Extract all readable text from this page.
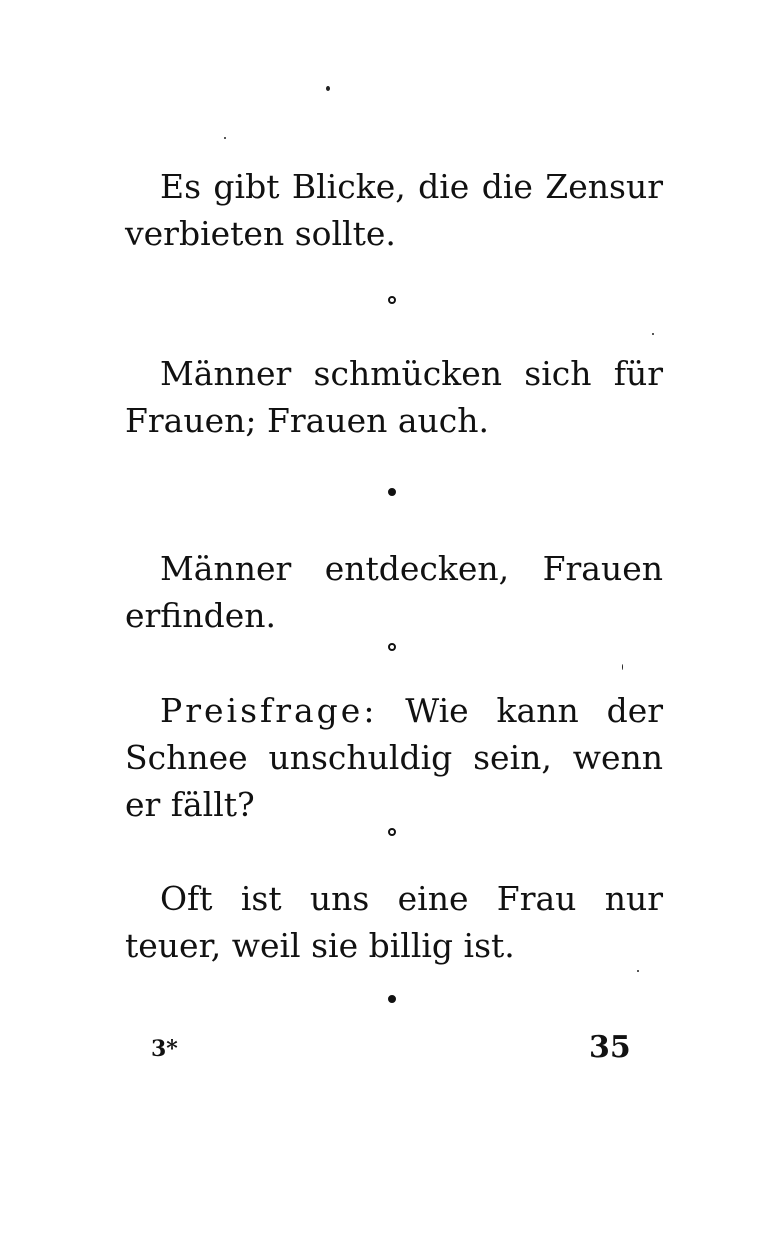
Es gibt Blicke, die die Zensur verbieten sollte.

Männer schmücken sich für Frauen; Frauen auch.

Männer entdecken, Frauen erfinden.

Preisfrage: Wie kann der Schnee unschuldig sein, wenn er fällt?

Oft ist uns eine Frau nur teuer, weil sie billig ist.

3*	35
